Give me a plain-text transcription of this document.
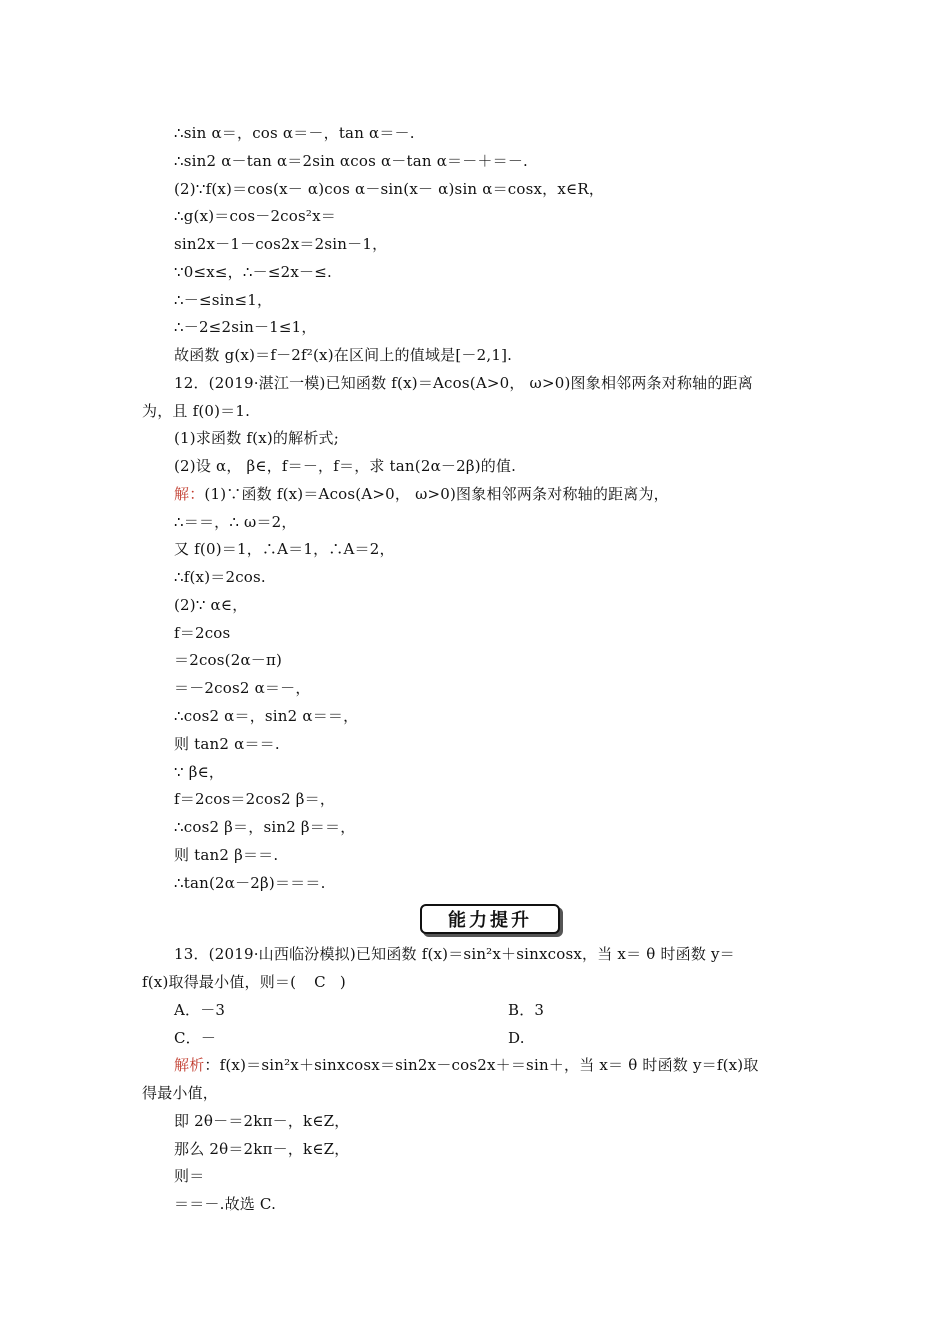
∴sin α＝，cos α＝－，tan α＝－.
∴sin2 α－tan α＝2sin αcos α－tan α＝－＋＝－.
(2)∵f(x)＝cos(x－ α)cos α－sin(x－ α)sin α＝cosx，x∈R，
∴g(x)＝cos－2cos²x＝
sin2x－1－cos2x＝2sin－1，
∵0≤x≤，∴－≤2x－≤.
∴－≤sin≤1，
∴－2≤2sin－1≤1，
故函数 g(x)＝f－2f²(x)在区间上的值域是[－2,1].
12．(2019·湛江一模)已知函数 f(x)＝Acos(A>0， ω>0)图象相邻两条对称轴的距离
为，且 f(0)＝1.
(1)求函数 f(x)的解析式;
(2)设 α， β∈，f＝－，f＝，求 tan(2α－2β)的值.
解：(1)∵函数 f(x)＝Acos(A>0， ω>0)图象相邻两条对称轴的距离为，
∴＝＝，∴ ω＝2，
又 f(0)＝1，∴A＝1，∴A＝2，
∴f(x)＝2cos.
(2)∵ α∈，
f＝2cos
＝2cos(2α－π)
＝－2cos2 α＝－，
∴cos2 α＝，sin2 α＝＝，
则 tan2 α＝＝.
∵ β∈，
f＝2cos＝2cos2 β＝，
∴cos2 β＝，sin2 β＝＝，
则 tan2 β＝＝.
∴tan(2α－2β)＝＝＝.
能力提升
13．(2019·山西临汾模拟)已知函数 f(x)＝sin²x＋sinxcosx，当 x＝ θ 时函数 y＝
f(x)取得最小值，则＝( C )
A．－3	B．3
C．－	D.
解析：f(x)＝sin²x＋sinxcosx＝sin2x－cos2x＋＝sin＋，当 x＝ θ 时函数 y＝f(x)取
得最小值，
即 2θ－＝2kπ－，k∈Z，
那么 2θ＝2kπ－，k∈Z，
则＝
＝＝－.故选 C.
